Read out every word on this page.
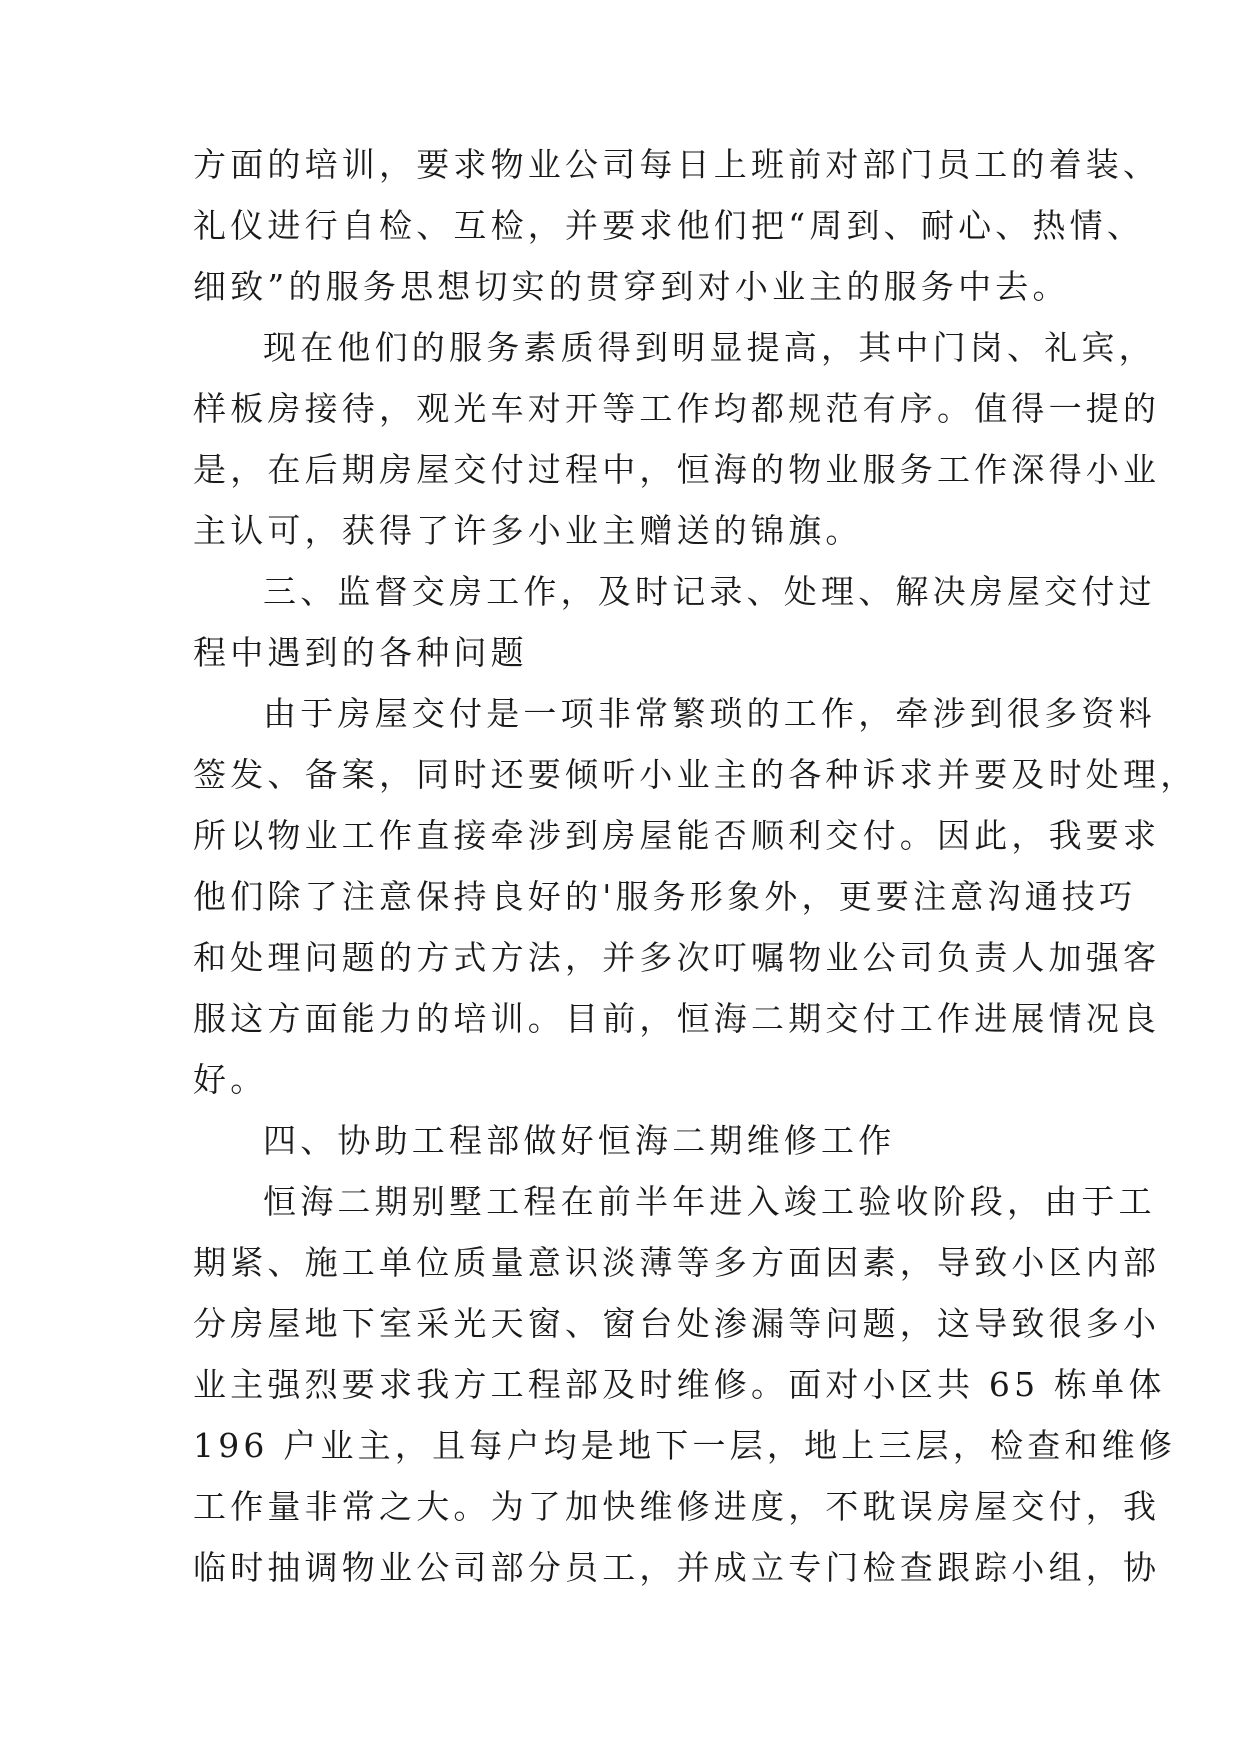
方面的培训，要求物业公司每日上班前对部门员工的着装、
礼仪进行自检、互检，并要求他们把“周到、耐心、热情、
细致”的服务思想切实的贯穿到对小业主的服务中去。
现在他们的服务素质得到明显提高，其中门岗、礼宾，
样板房接待，观光车对开等工作均都规范有序。值得一提的
是，在后期房屋交付过程中，恒海的物业服务工作深得小业
主认可，获得了许多小业主赠送的锦旗。
三、监督交房工作，及时记录、处理、解决房屋交付过
程中遇到的各种问题
由于房屋交付是一项非常繁琐的工作，牵涉到很多资料
签发、备案，同时还要倾听小业主的各种诉求并要及时处理，
所以物业工作直接牵涉到房屋能否顺利交付。因此，我要求
他们除了注意保持良好的'服务形象外，更要注意沟通技巧
和处理问题的方式方法，并多次叮嘱物业公司负责人加强客
服这方面能力的培训。目前，恒海二期交付工作进展情况良
好。
四、协助工程部做好恒海二期维修工作
恒海二期别墅工程在前半年进入竣工验收阶段，由于工
期紧、施工单位质量意识淡薄等多方面因素，导致小区内部
分房屋地下室采光天窗、窗台处渗漏等问题，这导致很多小
业主强烈要求我方工程部及时维修。面对小区共 65 栋单体
196 户业主，且每户均是地下一层，地上三层，检查和维修
工作量非常之大。为了加快维修进度，不耽误房屋交付，我
临时抽调物业公司部分员工，并成立专门检查跟踪小组，协
